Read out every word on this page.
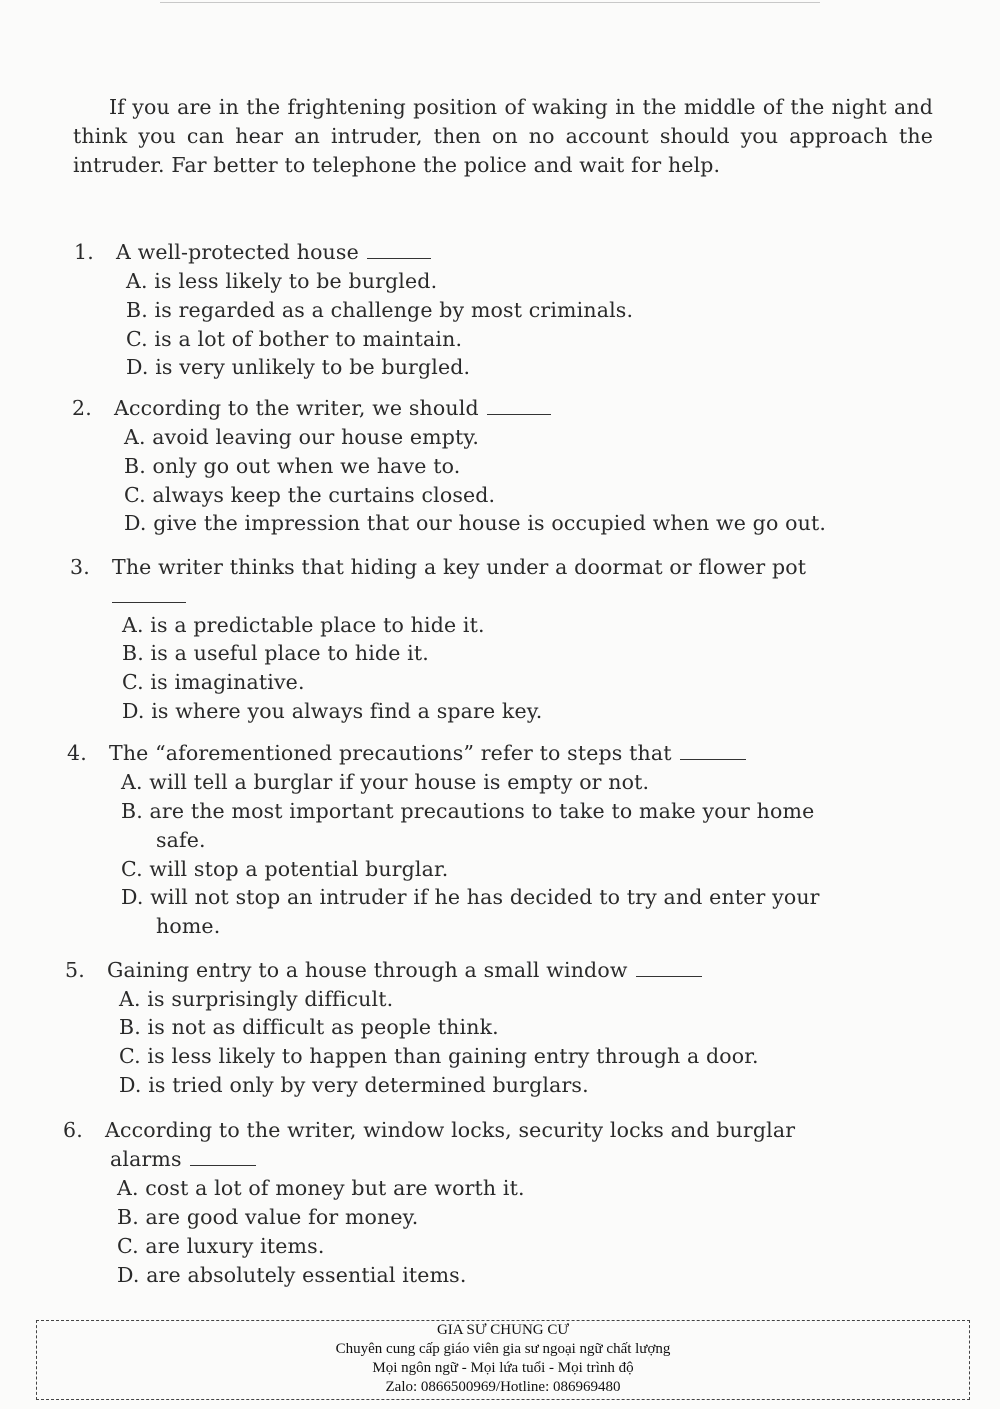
If you are in the frightening position of waking in the middle of the night and think you can hear an intruder, then on no account should you approach the intruder. Far better to telephone the police and wait for help.

1. A well-protected house
A. is less likely to be burgled.
B. is regarded as a challenge by most criminals.
C. is a lot of bother to maintain.
D. is very unlikely to be burgled.
2. According to the writer, we should
A. avoid leaving our house empty.
B. only go out when we have to.
C. always keep the curtains closed.
D. give the impression that our house is occupied when we go out.
3. The writer thinks that hiding a key under a doormat or flower pot
A. is a predictable place to hide it.
B. is a useful place to hide it.
C. is imaginative.
D. is where you always find a spare key.
4. The “aforementioned precautions” refer to steps that
A. will tell a burglar if your house is empty or not.
B. are the most important precautions to take to make your home
safe.
C. will stop a potential burglar.
D. will not stop an intruder if he has decided to try and enter your
home.
5. Gaining entry to a house through a small window
A. is surprisingly difficult.
B. is not as difficult as people think.
C. is less likely to happen than gaining entry through a door.
D. is tried only by very determined burglars.
6. According to the writer, window locks, security locks and burglar
alarms
A. cost a lot of money but are worth it.
B. are good value for money.
C. are luxury items.
D. are absolutely essential items.
GIA SƯ CHUNG CƯ
Chuyên cung cấp giáo viên gia sư ngoại ngữ chất lượng
Mọi ngôn ngữ - Mọi lứa tuổi - Mọi trình độ
Zalo: 0866500969/Hotline: 086969480
